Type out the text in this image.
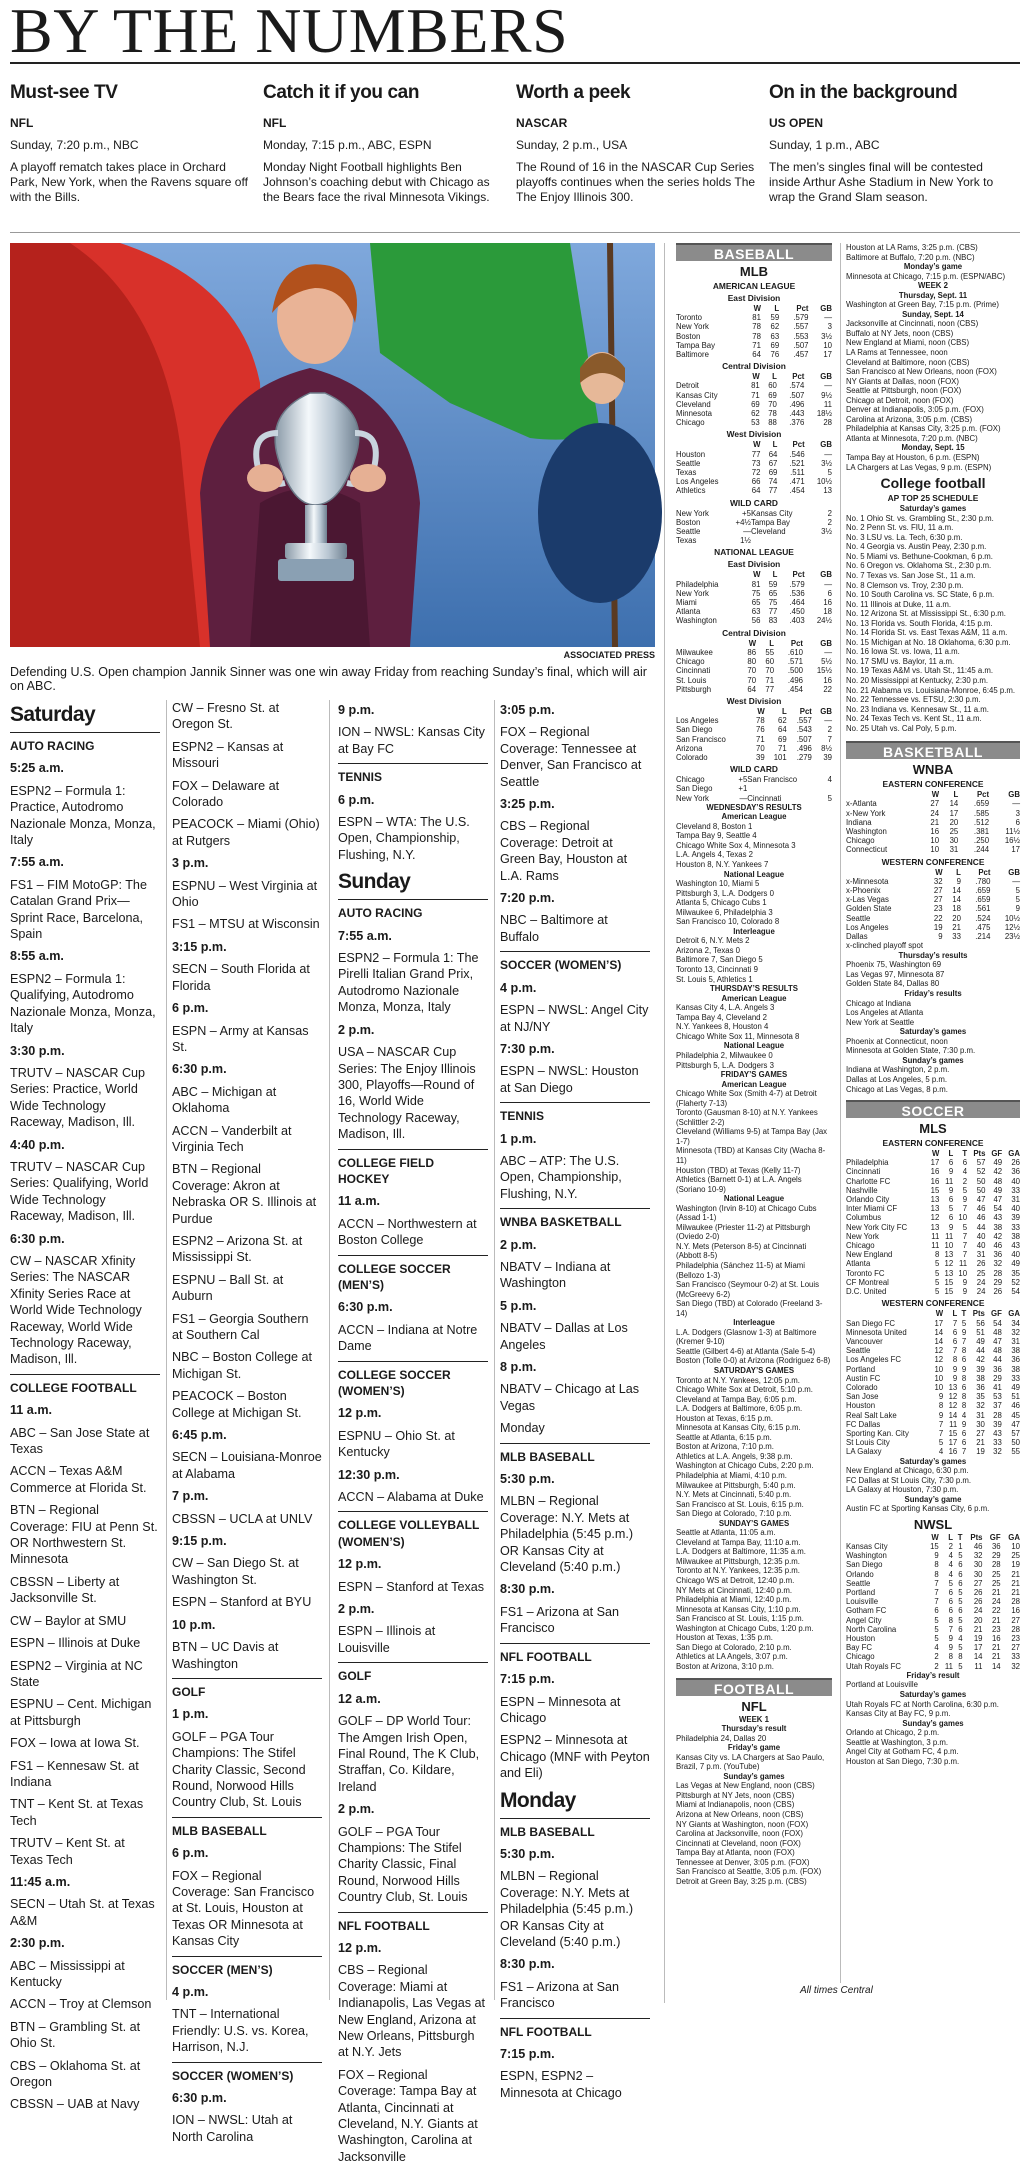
BY THE NUMBERS
Must-see TV
NFL
Sunday, 7:20 p.m., NBC
A playoff rematch takes place in Orchard Park, New York, when the Ravens square off with the Bills.
Catch it if you can
NFL
Monday, 7:15 p.m., ABC, ESPN
Monday Night Football highlights Ben Johnson’s coaching debut with Chicago as the Bears face the rival Minnesota Vikings.
Worth a peek
NASCAR
Sunday, 2 p.m., USA
The Round of 16 in the NASCAR Cup Series playoffs continues when the series holds The The Enjoy Illinois 300.
On in the background
US OPEN
Sunday, 1 p.m., ABC
The men’s singles final will be contested inside Arthur Ashe Stadium in New York to wrap the Grand Slam season.
ASSOCIATED PRESS
Defending U.S. Open champion Jannik Sinner was one win away Friday from reaching Sunday’s final, which will air on ABC.
Saturday
AUTO RACING
5:25 a.m.
ESPN2 – Formula 1: Practice, Autodromo Nazionale Monza, Monza, Italy
7:55 a.m.
FS1 – FIM MotoGP: The Catalan Grand Prix—Sprint Race, Barcelona, Spain
8:55 a.m.
ESPN2 – Formula 1: Qualifying, Autodromo Nazionale Monza, Monza, Italy
3:30 p.m.
TRUTV – NASCAR Cup Series: Practice, World Wide Technology Raceway, Madison, Ill.
4:40 p.m.
TRUTV – NASCAR Cup Series: Qualifying, World Wide Technology Raceway, Madison, Ill.
6:30 p.m.
CW – NASCAR Xfinity Series: The NASCAR Xfinity Series Race at World Wide Technology Raceway, World Wide Technology Raceway, Madison, Ill.
COLLEGE FOOTBALL
11 a.m.
ABC – San Jose State at Texas
ACCN – Texas A&M Commerce at Florida St.
BTN – Regional Coverage: FIU at Penn St. OR Northwestern St. Minnesota
CBSSN – Liberty at Jacksonville St.
CW – Baylor at SMU
ESPN – Illinois at Duke
ESPN2 – Virginia at NC State
ESPNU – Cent. Michigan at Pittsburgh
FOX – Iowa at Iowa St.
FS1 – Kennesaw St. at Indiana
TNT – Kent St. at Texas Tech
TRUTV – Kent St. at Texas Tech
11:45 a.m.
SECN – Utah St. at Texas A&M
2:30 p.m.
ABC – Mississippi at Kentucky
ACCN – Troy at Clemson
BTN – Grambling St. at Ohio St.
CBS – Oklahoma St. at Oregon
CBSSN – UAB at Navy
CW – Fresno St. at Oregon St.
ESPN2 – Kansas at Missouri
FOX – Delaware at Colorado
PEACOCK – Miami (Ohio) at Rutgers
3 p.m.
ESPNU – West Virginia at Ohio
FS1 – MTSU at Wisconsin
3:15 p.m.
SECN – South Florida at Florida
6 p.m.
ESPN – Army at Kansas St.
6:30 p.m.
ABC – Michigan at Oklahoma
ACCN – Vanderbilt at Virginia Tech
BTN – Regional Coverage: Akron at Nebraska OR S. Illinois at Purdue
ESPN2 – Arizona St. at Mississippi St.
ESPNU – Ball St. at Auburn
FS1 – Georgia Southern at Southern Cal
NBC – Boston College at Michigan St.
PEACOCK – Boston College at Michigan St.
6:45 p.m.
SECN – Louisiana-Monroe at Alabama
7 p.m.
CBSSN – UCLA at UNLV
9:15 p.m.
CW – San Diego St. at Washington St.
ESPN – Stanford at BYU
10 p.m.
BTN – UC Davis at Washington
GOLF
1 p.m.
GOLF – PGA Tour Champions: The Stifel Charity Classic, Second Round, Norwood Hills Country Club, St. Louis
MLB BASEBALL
6 p.m.
FOX – Regional Coverage: San Francisco at St. Louis, Houston at Texas OR Minnesota at Kansas City
SOCCER (MEN’S)
4 p.m.
TNT – International Friendly: U.S. vs. Korea, Harrison, N.J.
SOCCER (WOMEN’S)
6:30 p.m.
ION – NWSL: Utah at North Carolina
9 p.m.
ION – NWSL: Kansas City at Bay FC
TENNIS
6 p.m.
ESPN – WTA: The U.S. Open, Championship, Flushing, N.Y.
Sunday
AUTO RACING
7:55 a.m.
ESPN2 – Formula 1: The Pirelli Italian Grand Prix, Autodromo Nazionale Monza, Monza, Italy
2 p.m.
USA – NASCAR Cup Series: The Enjoy Illinois 300, Playoffs—Round of 16, World Wide Technology Raceway, Madison, Ill.
COLLEGE FIELD HOCKEY
11 a.m.
ACCN – Northwestern at Boston College
COLLEGE SOCCER (MEN’S)
6:30 p.m.
ACCN – Indiana at Notre Dame
COLLEGE SOCCER (WOMEN’S)
12 p.m.
ESPNU – Ohio St. at Kentucky
12:30 p.m.
ACCN – Alabama at Duke
COLLEGE VOLLEYBALL (WOMEN’S)
12 p.m.
ESPN – Stanford at Texas
2 p.m.
ESPN – Illinois at Louisville
GOLF
12 a.m.
GOLF – DP World Tour: The Amgen Irish Open, Final Round, The K Club, Straffan, Co. Kildare, Ireland
2 p.m.
GOLF – PGA Tour Champions: The Stifel Charity Classic, Final Round, Norwood Hills Country Club, St. Louis
NFL FOOTBALL
12 p.m.
CBS – Regional Coverage: Miami at Indianapolis, Las Vegas at New England, Arizona at New Orleans, Pittsburgh at N.Y. Jets
FOX – Regional Coverage: Tampa Bay at Atlanta, Cincinnati at Cleveland, N.Y. Giants at Washington, Carolina at Jacksonville
3:05 p.m.
FOX – Regional Coverage: Tennessee at Denver, San Francisco at Seattle
3:25 p.m.
CBS – Regional Coverage: Detroit at Green Bay, Houston at L.A. Rams
7:20 p.m.
NBC – Baltimore at Buffalo
SOCCER (WOMEN’S)
4 p.m.
ESPN – NWSL: Angel City at NJ/NY
7:30 p.m.
ESPN – NWSL: Houston at San Diego
TENNIS
1 p.m.
ABC – ATP: The U.S. Open, Championship, Flushing, N.Y.
WNBA BASKETBALL
2 p.m.
NBATV – Indiana at Washington
5 p.m.
NBATV – Dallas at Los Angeles
8 p.m.
NBATV – Chicago at Las Vegas
Monday
MLB BASEBALL
5:30 p.m.
MLBN – Regional Coverage: N.Y. Mets at Philadelphia (5:45 p.m.) OR Kansas City at Cleveland (5:40 p.m.)
8:30 p.m.
FS1 – Arizona at San Francisco
NFL FOOTBALL
7:15 p.m.
ESPN – Minnesota at Chicago
ESPN2 – Minnesota at Chicago (MNF with Peyton and Eli)
Monday
MLB BASEBALL
5:30 p.m.
MLBN – Regional Coverage: N.Y. Mets at Philadelphia (5:45 p.m.) OR Kansas City at Cleveland (5:40 p.m.)
8:30 p.m.
FS1 – Arizona at San Francisco
NFL FOOTBALL
7:15 p.m.
ESPN, ESPN2 – Minnesota at Chicago
BASEBALL
MLB
AMERICAN LEAGUE
East Division
	W	L	Pct	GB
Toronto	81	59	.579	—
New York	78	62	.557	3
Boston	78	63	.553	3½
Tampa Bay	71	69	.507	10
Baltimore	64	76	.457	17
Central Division
	W	L	Pct	GB
Detroit	81	60	.574	—
Kansas City	71	69	.507	9½
Cleveland	69	70	.496	11
Minnesota	62	78	.443	18½
Chicago	53	88	.376	28
West Division
	W	L	Pct	GB
Houston	77	64	.546	—
Seattle	73	67	.521	3½
Texas	72	69	.511	5
Los Angeles	66	74	.471	10½
Athletics	64	77	.454	13
WILD CARD
New York	+5	Kansas City	2
Boston	+4½	Tampa Bay	2
Seattle	—	Cleveland	3½
Texas	1½		
NATIONAL LEAGUE
East Division
	W	L	Pct	GB
Philadelphia	81	59	.579	—
New York	75	65	.536	6
Miami	65	75	.464	16
Atlanta	63	77	.450	18
Washington	56	83	.403	24½
Central Division
	W	L	Pct	GB
Milwaukee	86	55	.610	—
Chicago	80	60	.571	5½
Cincinnati	70	70	.500	15½
St. Louis	70	71	.496	16
Pittsburgh	64	77	.454	22
West Division
	W	L	Pct	GB
Los Angeles	78	62	.557	—
San Diego	76	64	.543	2
San Francisco	71	69	.507	7
Arizona	70	71	.496	8½
Colorado	39	101	.279	39
WILD CARD
Chicago	+5	San Francisco	4
San Diego	+1		
New York	—	Cincinnati	5
WEDNESDAY’S RESULTS
American League
Cleveland 8, Boston 1
Tampa Bay 9, Seattle 4
Chicago White Sox 4, Minnesota 3
L.A. Angels 4, Texas 2
Houston 8, N.Y. Yankees 7
National League
Washington 10, Miami 5
Pittsburgh 3, L.A. Dodgers 0
Atlanta 5, Chicago Cubs 1
Milwaukee 6, Philadelphia 3
San Francisco 10, Colorado 8
Interleague
Detroit 6, N.Y. Mets 2
Arizona 2, Texas 0
Baltimore 7, San Diego 5
Toronto 13, Cincinnati 9
St. Louis 5, Athletics 1
THURSDAY’S RESULTS
American League
Kansas City 4, L.A. Angels 3
Tampa Bay 4, Cleveland 2
N.Y. Yankees 8, Houston 4
Chicago White Sox 11, Minnesota 8
National League
Philadelphia 2, Milwaukee 0
Pittsburgh 5, L.A. Dodgers 3
FRIDAY’S GAMES
American League
Chicago White Sox (Smith 4-7) at Detroit (Flaherty 7-13)
Toronto (Gausman 8-10) at N.Y. Yankees (Schlittler 2-2)
Cleveland (Williams 9-5) at Tampa Bay (Jax 1-7)
Minnesota (TBD) at Kansas City (Wacha 8-11)
Houston (TBD) at Texas (Kelly 11-7)
Athletics (Barnett 0-1) at L.A. Angels (Soriano 10-9)
National League
Washington (Irvin 8-10) at Chicago Cubs (Assad 1-1)
Milwaukee (Priester 11-2) at Pittsburgh (Oviedo 2-0)
N.Y. Mets (Peterson 8-5) at Cincinnati (Abbott 8-5)
Philadelphia (Sánchez 11-5) at Miami (Bellozo 1-3)
San Francisco (Seymour 0-2) at St. Louis (McGreevy 6-2)
San Diego (TBD) at Colorado (Freeland 3-14)
Interleague
L.A. Dodgers (Glasnow 1-3) at Baltimore (Kremer 9-10)
Seattle (Gilbert 4-6) at Atlanta (Sale 5-4)
Boston (Tolle 0-0) at Arizona (Rodriguez 6-8)
SATURDAY’S GAMES
Toronto at N.Y. Yankees, 12:05 p.m.
Chicago White Sox at Detroit, 5:10 p.m.
Cleveland at Tampa Bay, 6:05 p.m.
L.A. Dodgers at Baltimore, 6:05 p.m.
Houston at Texas, 6:15 p.m.
Minnesota at Kansas City, 6:15 p.m.
Seattle at Atlanta, 6:15 p.m.
Boston at Arizona, 7:10 p.m.
Athletics at L.A. Angels, 9:38 p.m.
Washington at Chicago Cubs, 2:20 p.m.
Philadelphia at Miami, 4:10 p.m.
Milwaukee at Pittsburgh, 5:40 p.m.
N.Y. Mets at Cincinnati, 5:40 p.m.
San Francisco at St. Louis, 6:15 p.m.
San Diego at Colorado, 7:10 p.m.
SUNDAY’S GAMES
Seattle at Atlanta, 11:05 a.m.
Cleveland at Tampa Bay, 11:10 a.m.
L.A. Dodgers at Baltimore, 11:35 a.m.
Milwaukee at Pittsburgh, 12:35 p.m.
Toronto at N.Y. Yankees, 12:35 p.m.
Chicago WS at Detroit, 12:40 p.m.
NY Mets at Cincinnati, 12:40 p.m.
Philadelphia at Miami, 12:40 p.m.
Minnesota at Kansas City, 1:10 p.m.
San Francisco at St. Louis, 1:15 p.m.
Washington at Chicago Cubs, 1:20 p.m.
Houston at Texas, 1:35 p.m.
San Diego at Colorado, 2:10 p.m.
Athletics at LA Angels, 3:07 p.m.
Boston at Arizona, 3:10 p.m.
FOOTBALL
NFL
WEEK 1
Thursday’s result
Philadelphia 24, Dallas 20
Friday’s game
Kansas City vs. LA Chargers at Sao Paulo, Brazil, 7 p.m. (YouTube)
Sunday’s games
Las Vegas at New England, noon (CBS)
Pittsburgh at NY Jets, noon (CBS)
Miami at Indianapolis, noon (CBS)
Arizona at New Orleans, noon (CBS)
NY Giants at Washington, noon (FOX)
Carolina at Jacksonville, noon (FOX)
Cincinnati at Cleveland, noon (FOX)
Tampa Bay at Atlanta, noon (FOX)
Tennessee at Denver, 3:05 p.m. (FOX)
San Francisco at Seattle, 3:05 p.m. (FOX)
Detroit at Green Bay, 3:25 p.m. (CBS)
Houston at LA Rams, 3:25 p.m. (CBS)
Baltimore at Buffalo, 7:20 p.m. (NBC)
Monday’s game
Minnesota at Chicago, 7:15 p.m. (ESPN/ABC)
WEEK 2
Thursday, Sept. 11
Washington at Green Bay, 7:15 p.m. (Prime)
Sunday, Sept. 14
Jacksonville at Cincinnati, noon (CBS)
Buffalo at NY Jets, noon (CBS)
New England at Miami, noon (CBS)
LA Rams at Tennessee, noon
Cleveland at Baltimore, noon (CBS)
San Francisco at New Orleans, noon (FOX)
NY Giants at Dallas, noon (FOX)
Seattle at Pittsburgh, noon (FOX)
Chicago at Detroit, noon (FOX)
Denver at Indianapolis, 3:05 p.m. (FOX)
Carolina at Arizona, 3:05 p.m. (CBS)
Philadelphia at Kansas City, 3:25 p.m. (FOX)
Atlanta at Minnesota, 7:20 p.m. (NBC)
Monday, Sept. 15
Tampa Bay at Houston, 6 p.m. (ESPN)
LA Chargers at Las Vegas, 9 p.m. (ESPN)
College football
AP TOP 25 SCHEDULE
Saturday’s games
No. 1 Ohio St. vs. Grambling St., 2:30 p.m.
No. 2 Penn St. vs. FIU, 11 a.m.
No. 3 LSU vs. La. Tech, 6:30 p.m.
No. 4 Georgia vs. Austin Peay, 2:30 p.m.
No. 5 Miami vs. Bethune-Cookman, 6 p.m.
No. 6 Oregon vs. Oklahoma St., 2:30 p.m.
No. 7 Texas vs. San Jose St., 11 a.m.
No. 8 Clemson vs. Troy, 2:30 p.m.
No. 10 South Carolina vs. SC State, 6 p.m.
No. 11 Illinois at Duke, 11 a.m.
No. 12 Arizona St. at Mississippi St., 6:30 p.m.
No. 13 Florida vs. South Florida, 4:15 p.m.
No. 14 Florida St. vs. East Texas A&M, 11 a.m.
No. 15 Michigan at No. 18 Oklahoma, 6:30 p.m.
No. 16 Iowa St. vs. Iowa, 11 a.m.
No. 17 SMU vs. Baylor, 11 a.m.
No. 19 Texas A&M vs. Utah St., 11:45 a.m.
No. 20 Mississippi at Kentucky, 2:30 p.m.
No. 21 Alabama vs. Louisiana-Monroe, 6:45 p.m.
No. 22 Tennessee vs. ETSU, 2:30 p.m.
No. 23 Indiana vs. Kennesaw St., 11 a.m.
No. 24 Texas Tech vs. Kent St., 11 a.m.
No. 25 Utah vs. Cal Poly, 5 p.m.
BASKETBALL
WNBA
EASTERN CONFERENCE
	W	L	Pct	GB
x-Atlanta	27	14	.659	—
x-New York	24	17	.585	3
Indiana	21	20	.512	6
Washington	16	25	.381	11½
Chicago	10	30	.250	16½
Connecticut	10	31	.244	17
WESTERN CONFERENCE
	W	L	Pct	GB
x-Minnesota	32	9	.780	—
x-Phoenix	27	14	.659	5
x-Las Vegas	27	14	.659	5
Golden State	23	18	.561	9
Seattle	22	20	.524	10½
Los Angeles	19	21	.475	12½
Dallas	9	33	.214	23½
x-clinched playoff spot
Thursday’s results
Phoenix 75, Washington 69
Las Vegas 97, Minnesota 87
Golden State 84, Dallas 80
Friday’s results
Chicago at Indiana
Los Angeles at Atlanta
New York at Seattle
Saturday’s games
Phoenix at Connecticut, noon
Minnesota at Golden State, 7:30 p.m.
Sunday’s games
Indiana at Washington, 2 p.m.
Dallas at Los Angeles, 5 p.m.
Chicago at Las Vegas, 8 p.m.
SOCCER
MLS
EASTERN CONFERENCE
	W	L	T	Pts	GF	GA
Philadelphia	17	6	6	57	49	26
Cincinnati	16	9	4	52	42	36
Charlotte FC	16	11	2	50	48	40
Nashville	15	9	5	50	49	33
Orlando City	13	6	9	47	47	31
Inter Miami CF	13	5	7	46	54	40
Columbus	12	6	10	46	43	39
New York City FC	13	9	5	44	38	33
New York	11	11	7	40	42	38
Chicago	11	10	7	40	46	43
New England	8	13	7	31	36	40
Atlanta	5	12	11	26	32	49
Toronto FC	5	13	10	25	28	35
CF Montreal	5	15	9	24	29	52
D.C. United	5	15	9	24	26	54
WESTERN CONFERENCE
	W	L	T	Pts	GF	GA
San Diego FC	17	7	5	56	54	34
Minnesota United	14	6	9	51	48	32
Vancouver	14	6	7	49	47	31
Seattle	12	7	8	44	48	38
Los Angeles FC	12	8	6	42	44	36
Portland	10	9	9	39	36	38
Austin FC	10	9	8	38	29	33
Colorado	10	13	6	36	41	49
San Jose	9	12	8	35	53	51
Houston	8	12	8	32	37	46
Real Salt Lake	9	14	4	31	28	45
FC Dallas	7	11	9	30	39	47
Sporting Kan. City	7	15	6	27	43	57
St Louis City	5	17	6	21	33	50
LA Galaxy	4	16	7	19	32	55
Saturday’s games
New England at Chicago, 6:30 p.m.
FC Dallas at St Louis City, 7:30 p.m.
LA Galaxy at Houston, 7:30 p.m.
Sunday’s game
Austin FC at Sporting Kansas City, 6 p.m.
NWSL
	W	L	T	Pts	GF	GA
Kansas City	15	2	1	46	36	10
Washington	9	4	5	32	29	25
San Diego	8	4	6	30	28	19
Orlando	8	4	6	30	25	21
Seattle	7	5	6	27	25	21
Portland	7	6	5	26	21	21
Louisville	7	6	5	26	24	28
Gotham FC	6	6	6	24	22	16
Angel City	5	8	5	20	21	27
North Carolina	5	7	6	21	23	28
Houston	5	9	4	19	16	23
Bay FC	4	9	5	17	21	27
Chicago	2	8	8	14	21	33
Utah Royals FC	2	11	5	11	14	32
Friday’s result
Portland at Louisville
Saturday’s games
Utah Royals FC at North Carolina, 6:30 p.m.
Kansas City at Bay FC, 9 p.m.
Sunday’s games
Orlando at Chicago, 2 p.m.
Seattle at Washington, 3 p.m.
Angel City at Gotham FC, 4 p.m.
Houston at San Diego, 7:30 p.m.
All times Central
